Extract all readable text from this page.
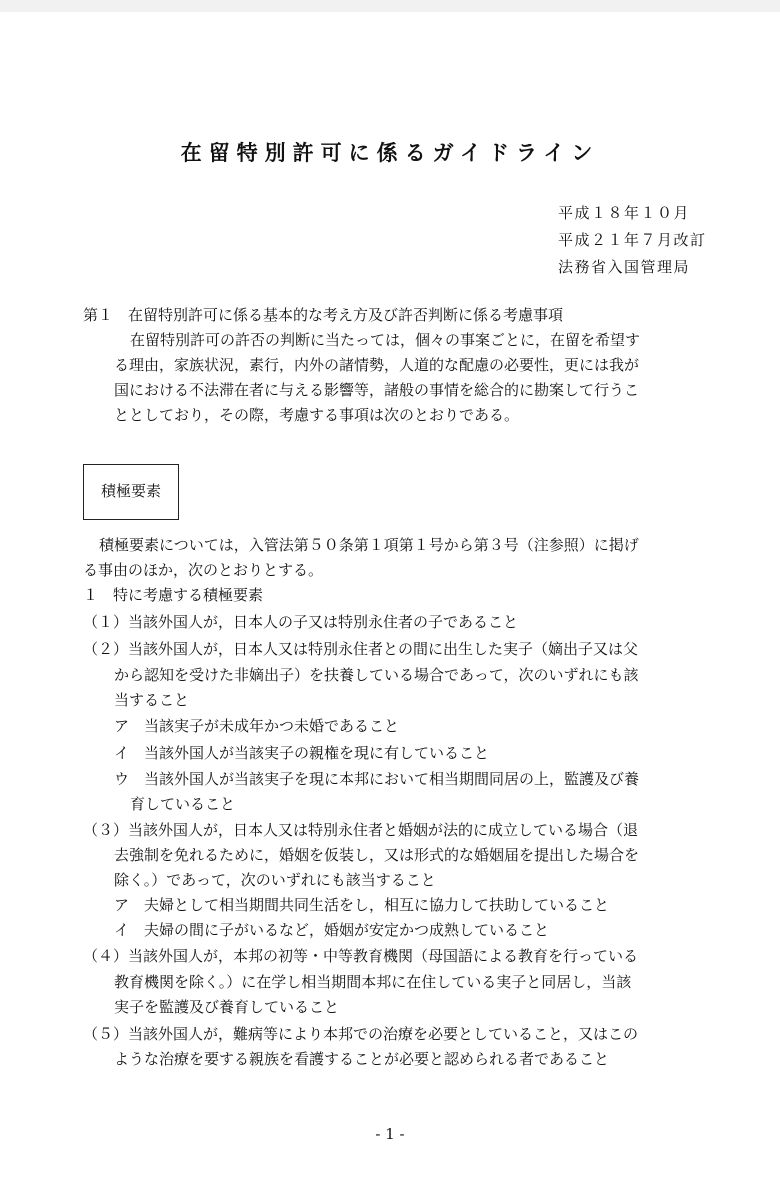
在留特別許可に係るガイドライン
平成１８年１０月
平成２１年７月改訂
法務省入国管理局
第１　在留特別許可に係る基本的な考え方及び許否判断に係る考慮事項
在留特別許可の許否の判断に当たっては，個々の事案ごとに，在留を希望す
る理由，家族状況，素行，内外の諸情勢，人道的な配慮の必要性，更には我が
国における不法滞在者に与える影響等，諸般の事情を総合的に勘案して行うこ
ととしており，その際，考慮する事項は次のとおりである。
積極要素
積極要素については，入管法第５０条第１項第１号から第３号（注参照）に掲げ
る事由のほか，次のとおりとする。
１　特に考慮する積極要素
（１）当該外国人が，日本人の子又は特別永住者の子であること
（２）当該外国人が，日本人又は特別永住者との間に出生した実子（嫡出子又は父
から認知を受けた非嫡出子）を扶養している場合であって，次のいずれにも該
当すること
ア　当該実子が未成年かつ未婚であること
イ　当該外国人が当該実子の親権を現に有していること
ウ　当該外国人が当該実子を現に本邦において相当期間同居の上，監護及び養
育していること
（３）当該外国人が，日本人又は特別永住者と婚姻が法的に成立している場合（退
去強制を免れるために，婚姻を仮装し，又は形式的な婚姻届を提出した場合を
除く。）であって，次のいずれにも該当すること
ア　夫婦として相当期間共同生活をし，相互に協力して扶助していること
イ　夫婦の間に子がいるなど，婚姻が安定かつ成熟していること
（４）当該外国人が，本邦の初等・中等教育機関（母国語による教育を行っている
教育機関を除く。）に在学し相当期間本邦に在住している実子と同居し，当該
実子を監護及び養育していること
（５）当該外国人が，難病等により本邦での治療を必要としていること，又はこの
ような治療を要する親族を看護することが必要と認められる者であること
- 1 -
